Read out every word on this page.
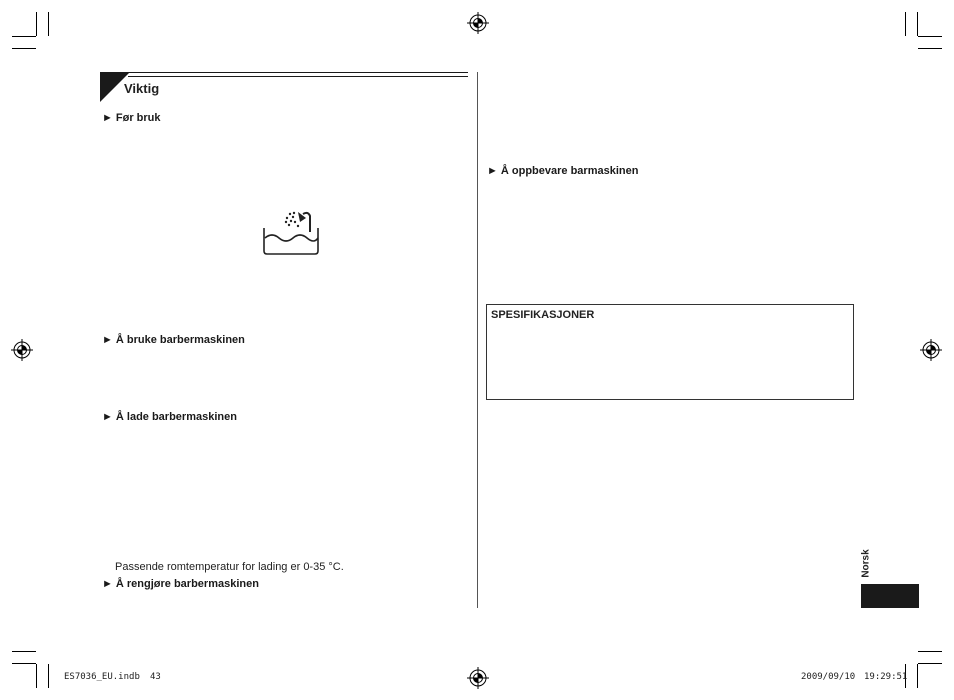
Viktig
► Før bruk
► Å bruke barbermaskinen
► Å lade barbermaskinen
Passende romtemperatur for lading er 0-35 °C.
► Å rengjøre barbermaskinen
► Å oppbevare barmaskinen
SPESIFIKASJONER
Norsk
ES7036_EU.indb 43	2009/09/10 19:29:51
